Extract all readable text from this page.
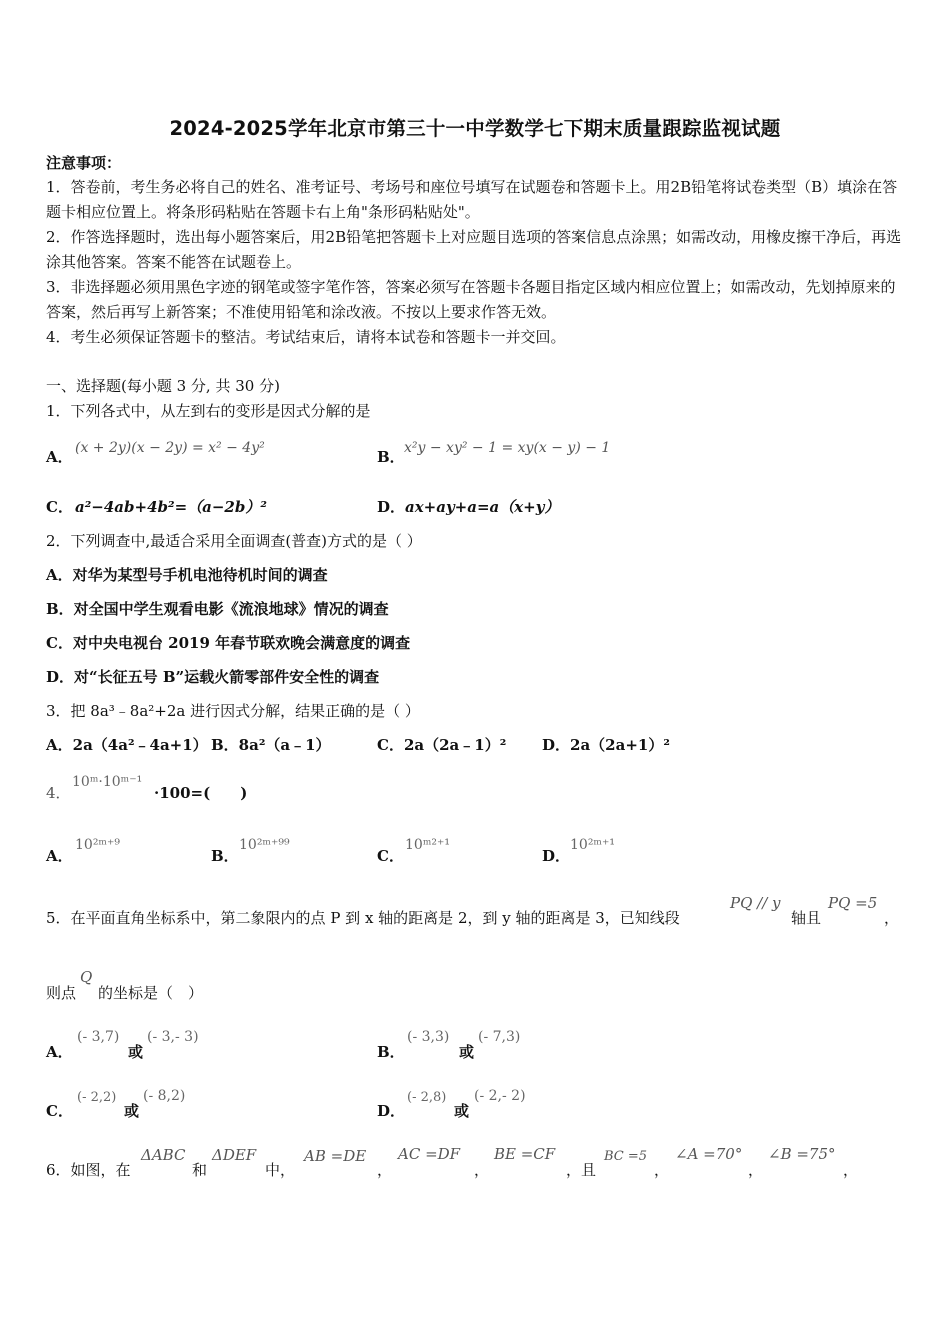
2024-2025学年北京市第三十一中学数学七下期末质量跟踪监视试题
注意事项：
1．答卷前，考生务必将自己的姓名、准考证号、考场号和座位号填写在试题卷和答题卡上。用2B铅笔将试卷类型（B）填涂在答题卡相应位置上。将条形码粘贴在答题卡右上角"条形码粘贴处"。
2．作答选择题时，选出每小题答案后，用2B铅笔把答题卡上对应题目选项的答案信息点涂黑；如需改动，用橡皮擦干净后，再选涂其他答案。答案不能答在试题卷上。
3．非选择题必须用黑色字迹的钢笔或签字笔作答，答案必须写在答题卡各题目指定区域内相应位置上；如需改动，先划掉原来的答案，然后再写上新答案；不准使用铅笔和涂改液。不按以上要求作答无效。
4．考生必须保证答题卡的整洁。考试结束后，请将本试卷和答题卡一并交回。
一、选择题(每小题 3 分, 共 30 分)
1．下列各式中，从左到右的变形是因式分解的是
A． (x + 2y)(x − 2y) = x² − 4y²	B． x²y − xy² − 1 = xy(x − y) − 1
C． a²−4ab+4b²=（a−2b）²	D． ax+ay+a=a（x+y）
2．下列调查中,最适合采用全面调查(普查)方式的是（ ）
A．对华为某型号手机电池待机时间的调查
B．对全国中学生观看电影《流浪地球》情况的调查
C．对中央电视台 2019 年春节联欢晚会满意度的调查
D．对“长征五号 B”运载火箭零部件安全性的调查
3．把 8a³﹣8a²+2a 进行因式分解，结果正确的是（ ）
A．2a（4a²﹣4a+1） B．8a²（a﹣1）	C．2a（2a﹣1）² D．2a（2a+1）²
4．
10ᵐ·10ᵐ⁻¹
·100=(　　)
A．
10²ᵐ⁺⁹
B．
10²ᵐ⁺⁹⁹
C．
10ᵐ²⁺¹
D．
10²ᵐ⁺¹
5．在平面直角坐标系中，第二象限内的点 P 到 x 轴的距离是 2，到 y 轴的距离是 3，已知线段
PQ // y
轴且
PQ =5
，
则点
Q
的坐标是（　）
A．
(- 3,7)
或
(- 3,- 3)
B．
(- 3,3)
或
(- 7,3)
C．
(- 2,2)
或
(- 8,2)
D．
(- 2,8)
或
(- 2,- 2)
6．如图，在
ΔABC
和
ΔDEF
中，
AB =DE
，
AC =DF
，
BE =CF
，且
BC =5
，
∠A =70°
，
∠B =75°
，
